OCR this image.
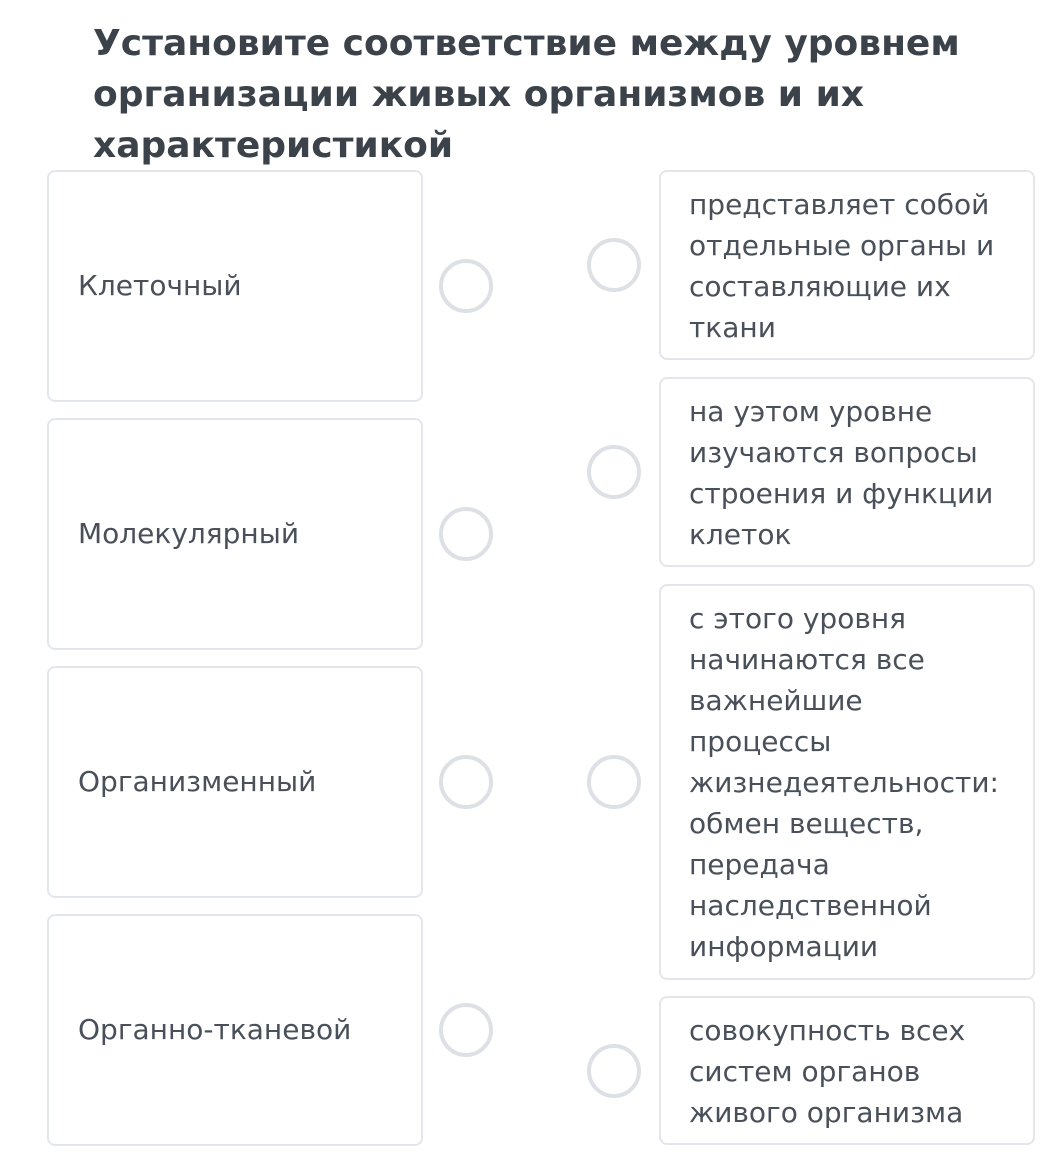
Установите соответствие между уровнем организации живых организмов и их характеристикой
Клеточный
Молекулярный
Организменный
Органно-тканевой
представляет собой
отдельные органы и
составляющие их
ткани
на уэтом уровне
изучаются вопросы
строения и функции
клеток
с этого уровня
начинаются все
важнейшие
процессы
жизнедеятельности:
обмен веществ,
передача
наследственной
информации
совокупность всех
систем органов
живого организма
